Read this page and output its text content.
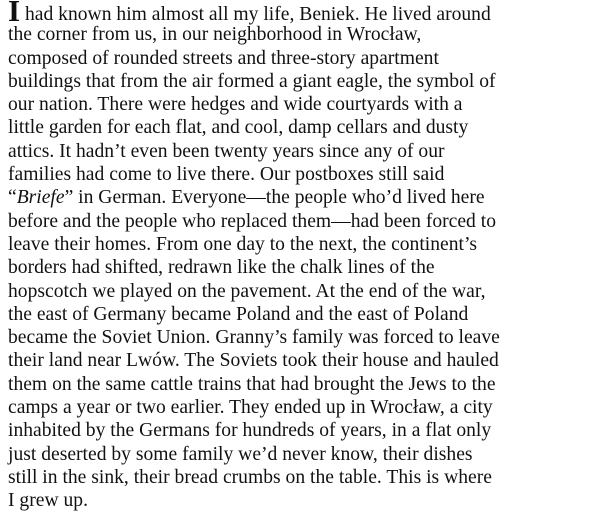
I had known him almost all my life, Beniek. He lived around
the corner from us, in our neighborhood in Wrocław,
composed of rounded streets and three-story apartment
buildings that from the air formed a giant eagle, the symbol of
our nation. There were hedges and wide courtyards with a
little garden for each flat, and cool, damp cellars and dusty
attics. It hadn’t even been twenty years since any of our
families had come to live there. Our postboxes still said
“Briefe” in German. Everyone—the people who’d lived here
before and the people who replaced them—had been forced to
leave their homes. From one day to the next, the continent’s
borders had shifted, redrawn like the chalk lines of the
hopscotch we played on the pavement. At the end of the war,
the east of Germany became Poland and the east of Poland
became the Soviet Union. Granny’s family was forced to leave
their land near Lwów. The Soviets took their house and hauled
them on the same cattle trains that had brought the Jews to the
camps a year or two earlier. They ended up in Wrocław, a city
inhabited by the Germans for hundreds of years, in a flat only
just deserted by some family we’d never know, their dishes
still in the sink, their bread crumbs on the table. This is where
I grew up.
